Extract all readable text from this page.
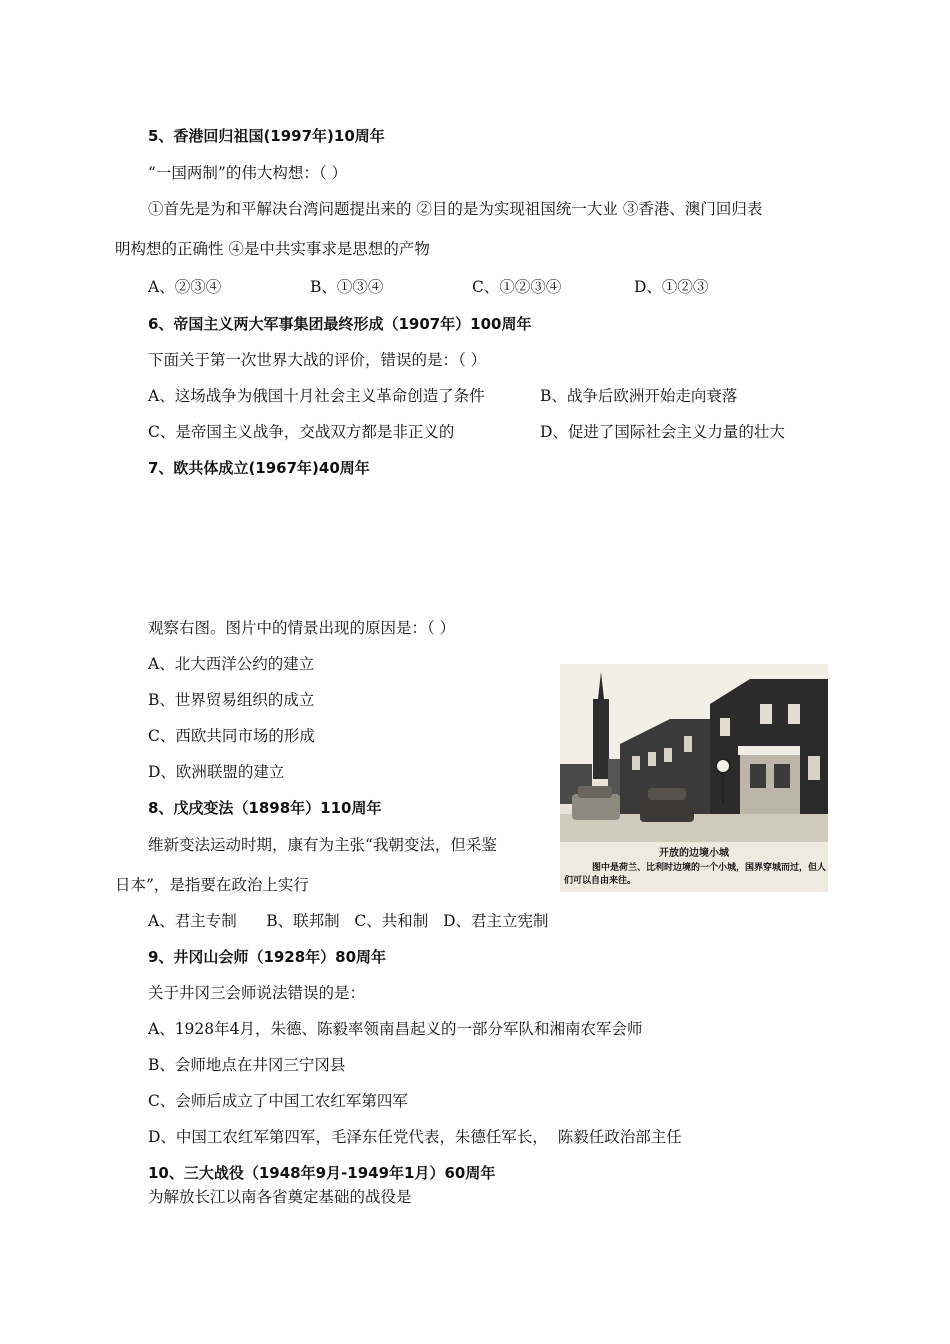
5、香港回归祖国(1997年)10周年
“一国两制”的伟大构想：（ ）
①首先是为和平解决台湾问题提出来的 ②目的是为实现祖国统一大业 ③香港、澳门回归表
明构想的正确性 ④是中共实事求是思想的产物
A、②③④	B、①③④	C、①②③④	D、①②③
6、帝国主义两大军事集团最终形成（1907年）100周年
下面关于第一次世界大战的评价，错误的是：（ ）
A、这场战争为俄国十月社会主义革命创造了条件	B、战争后欧洲开始走向衰落
C、是帝国主义战争，交战双方都是非正义的	D、促进了国际社会主义力量的壮大
7、欧共体成立(1967年)40周年
观察右图。图片中的情景出现的原因是：（ ）
A、北大西洋公约的建立
B、世界贸易组织的成立
C、西欧共同市场的形成
D、欧洲联盟的建立
开放的边境小城
图中是荷兰、比利时边境的一个小城，国界穿城而过，但人们可以自由来往。
8、戊戌变法（1898年）110周年
维新变法运动时期，康有为主张“我朝变法，但采鉴
日本”，是指要在政治上实行
A、君主专制      B、联邦制   C、共和制   D、君主立宪制
9、井冈山会师（1928年）80周年
关于井冈三会师说法错误的是：
A、1928年4月，朱德、陈毅率领南昌起义的一部分军队和湘南农军会师
B、会师地点在井冈三宁冈县
C、会师后成立了中国工农红军第四军
D、中国工农红军第四军，毛泽东任党代表，朱德任军长，  陈毅任政治部主任
10、三大战役（1948年9月-1949年1月）60周年
为解放长江以南各省奠定基础的战役是
